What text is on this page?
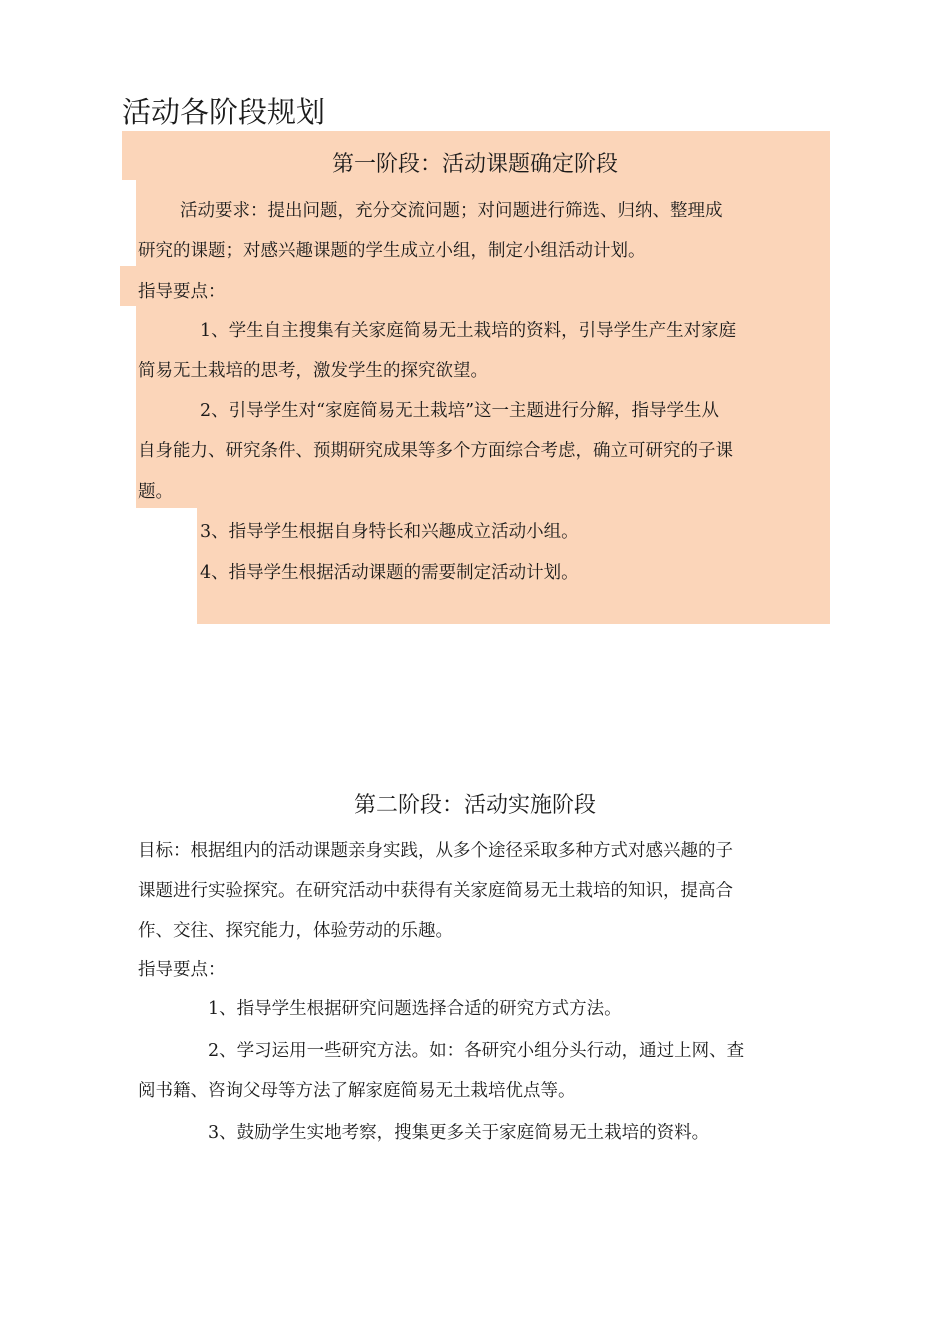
活动各阶段规划
第一阶段：活动课题确定阶段
活动要求：提出问题，充分交流问题；对问题进行筛选、归纳、整理成
研究的课题；对感兴趣课题的学生成立小组，制定小组活动计划。
指导要点：
1、学生自主搜集有关家庭简易无土栽培的资料，引导学生产生对家庭
简易无土栽培的思考，激发学生的探究欲望。
2、引导学生对“家庭简易无土栽培”这一主题进行分解，指导学生从
自身能力、研究条件、预期研究成果等多个方面综合考虑，确立可研究的子课
题。
3、指导学生根据自身特长和兴趣成立活动小组。
4、指导学生根据活动课题的需要制定活动计划。
第二阶段：活动实施阶段
目标：根据组内的活动课题亲身实践，从多个途径采取多种方式对感兴趣的子
课题进行实验探究。在研究活动中获得有关家庭简易无土栽培的知识，提高合
作、交往、探究能力，体验劳动的乐趣。
指导要点：
1、指导学生根据研究问题选择合适的研究方式方法。
2、学习运用一些研究方法。如：各研究小组分头行动，通过上网、查
阅书籍、咨询父母等方法了解家庭简易无土栽培优点等。
3、鼓励学生实地考察，搜集更多关于家庭简易无土栽培的资料。
